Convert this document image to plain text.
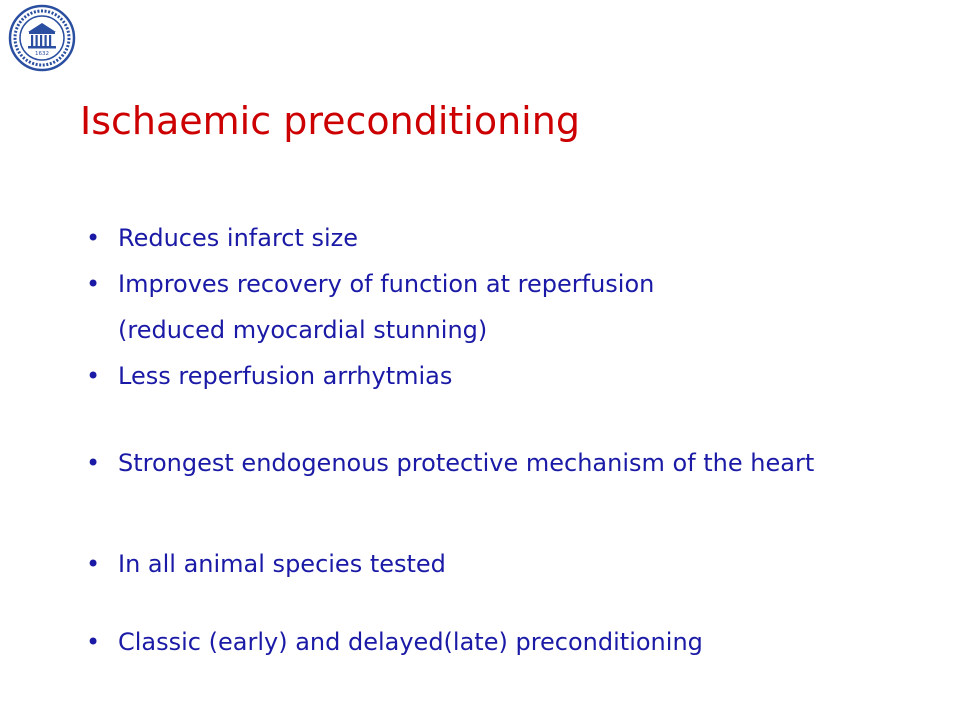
1632
Ischaemic preconditioning
• Reduces infarct size
• Improves recovery of function at reperfusion
(reduced myocardial stunning)
• Less reperfusion arrhytmias
• Strongest endogenous protective mechanism of the heart
• In all animal species tested
• Classic (early) and delayed(late) preconditioning
